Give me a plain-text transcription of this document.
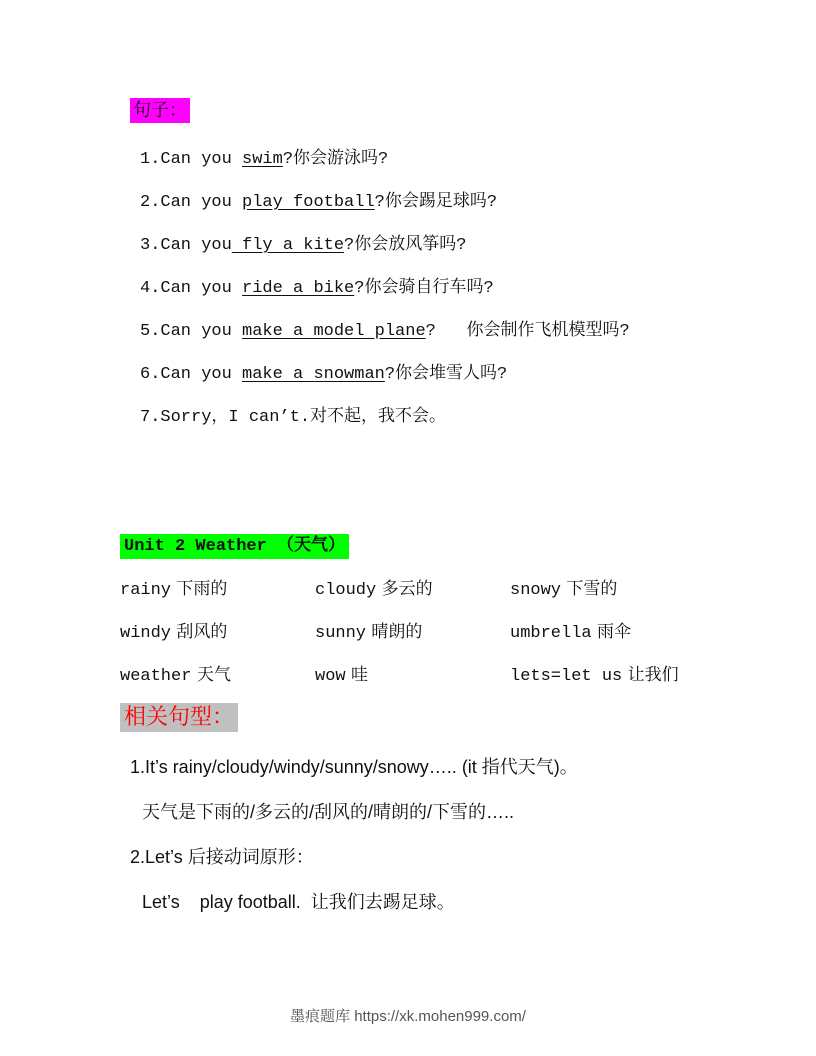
句子：
1.Can you swim?你会游泳吗?
2.Can you play football?你会踢足球吗?
3.Can you fly a kite?你会放风筝吗?
4.Can you ride a bike?你会骑自行车吗?
5.Can you make a model plane?   你会制作飞机模型吗?
6.Can you make a snowman?你会堆雪人吗?
7.Sorry，I can’t.对不起，我不会。
Unit 2 Weather （天气）
rainy 下雨的	cloudy 多云的	snowy 下雪的
windy 刮风的	sunny 晴朗的	umbrella 雨伞
weather 天气	wow 哇	lets=let us 让我们
相关句型：
1.It’s rainy/cloudy/windy/sunny/snowy….. (it 指代天气)。
天气是下雨的/多云的/刮风的/晴朗的/下雪的…..
2.Let’s 后接动词原形：
Let’s    play football.  让我们去踢足球。
墨痕题库 https://xk.mohen999.com/
